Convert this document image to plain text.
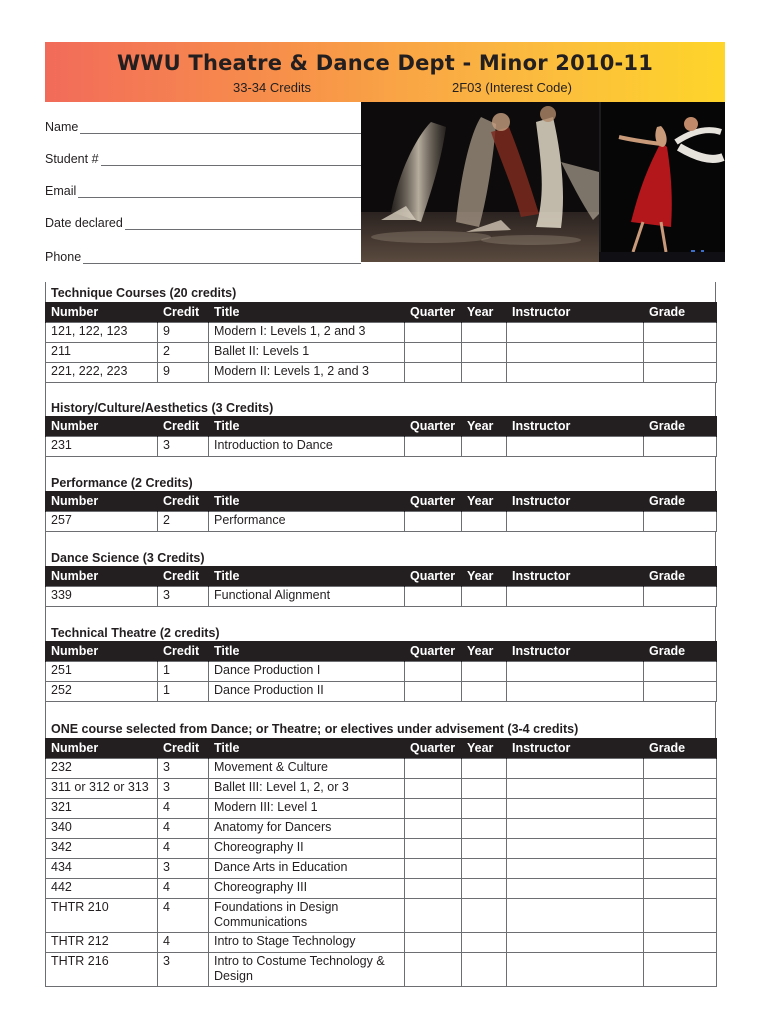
WWU Theatre & Dance Dept - Minor 2010-11
33-34 Credits	2F03 (Interest Code)
Name
Student #
Email
Date declared
Phone
Technique Courses (20 credits)
Number	Credit	Title	Quarter	Year	Instructor	Grade
121, 122, 123	9	Modern I: Levels 1, 2 and 3				
211	2	Ballet II: Levels 1				
221, 222, 223	9	Modern II: Levels 1, 2 and 3				
History/Culture/Aesthetics (3 Credits)
Number	Credit	Title	Quarter	Year	Instructor	Grade
231	3	Introduction to Dance				
Performance (2 Credits)
Number	Credit	Title	Quarter	Year	Instructor	Grade
257	2	Performance				
Dance Science (3 Credits)
Number	Credit	Title	Quarter	Year	Instructor	Grade
339	3	Functional Alignment				
Technical Theatre (2 credits)
Number	Credit	Title	Quarter	Year	Instructor	Grade
251	1	Dance Production I				
252	1	Dance Production II				
ONE course selected from Dance; or Theatre; or electives under advisement (3-4 credits)
Number	Credit	Title	Quarter	Year	Instructor	Grade
232	3	Movement & Culture				
311 or 312 or 313	3	Ballet III: Level 1, 2, or 3				
321	4	Modern III: Level 1				
340	4	Anatomy for Dancers				
342	4	Choreography II				
434	3	Dance Arts in Education				
442	4	Choreography III				
THTR 210	4	Foundations in Design Communications				
THTR 212	4	Intro to Stage Technology				
THTR 216	3	Intro to Costume Technology & Design				
